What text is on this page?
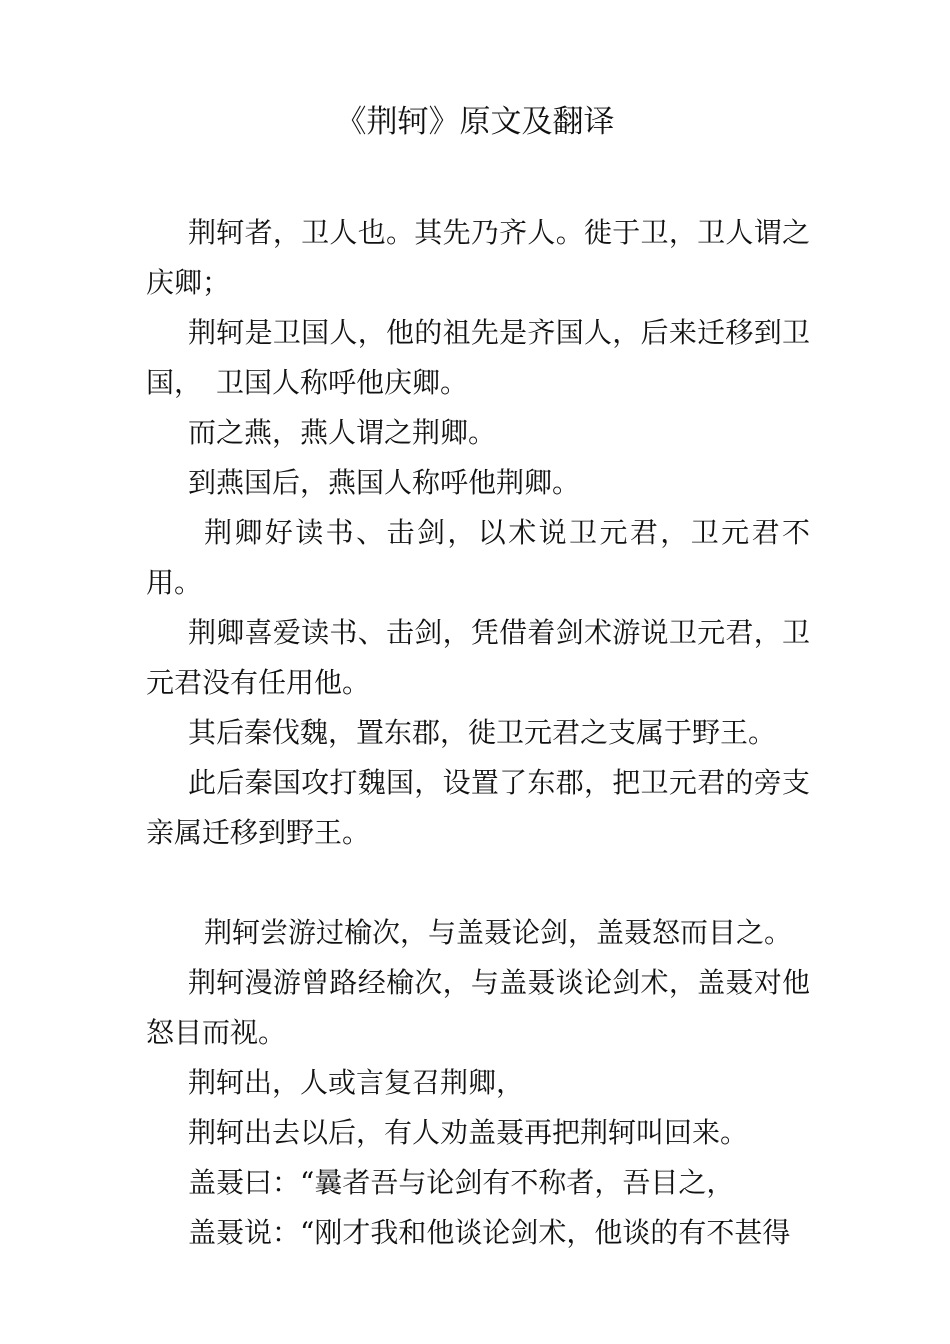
《荆轲》原文及翻译

荆轲者，卫人也。其先乃齐人。徙于卫，卫人谓之庆卿；

荆轲是卫国人，他的祖先是齐国人，后来迁移到卫国，　卫国人称呼他庆卿。

而之燕，燕人谓之荆卿。

到燕国后，燕国人称呼他荆卿。

荆卿好读书、击剑，以术说卫元君，卫元君不用。

荆卿喜爱读书、击剑，凭借着剑术游说卫元君，卫元君没有任用他。

其后秦伐魏，置东郡，徙卫元君之支属于野王。

此后秦国攻打魏国，设置了东郡，把卫元君的旁支亲属迁移到野王。

荆轲尝游过榆次，与盖聂论剑，盖聂怒而目之。

荆轲漫游曾路经榆次，与盖聂谈论剑术，盖聂对他怒目而视。

荆轲出，人或言复召荆卿，

荆轲出去以后，有人劝盖聂再把荆轲叫回来。

盖聂曰：“曩者吾与论剑有不称者，吾目之，

盖聂说：“刚才我和他谈论剑术，他谈的有不甚得
